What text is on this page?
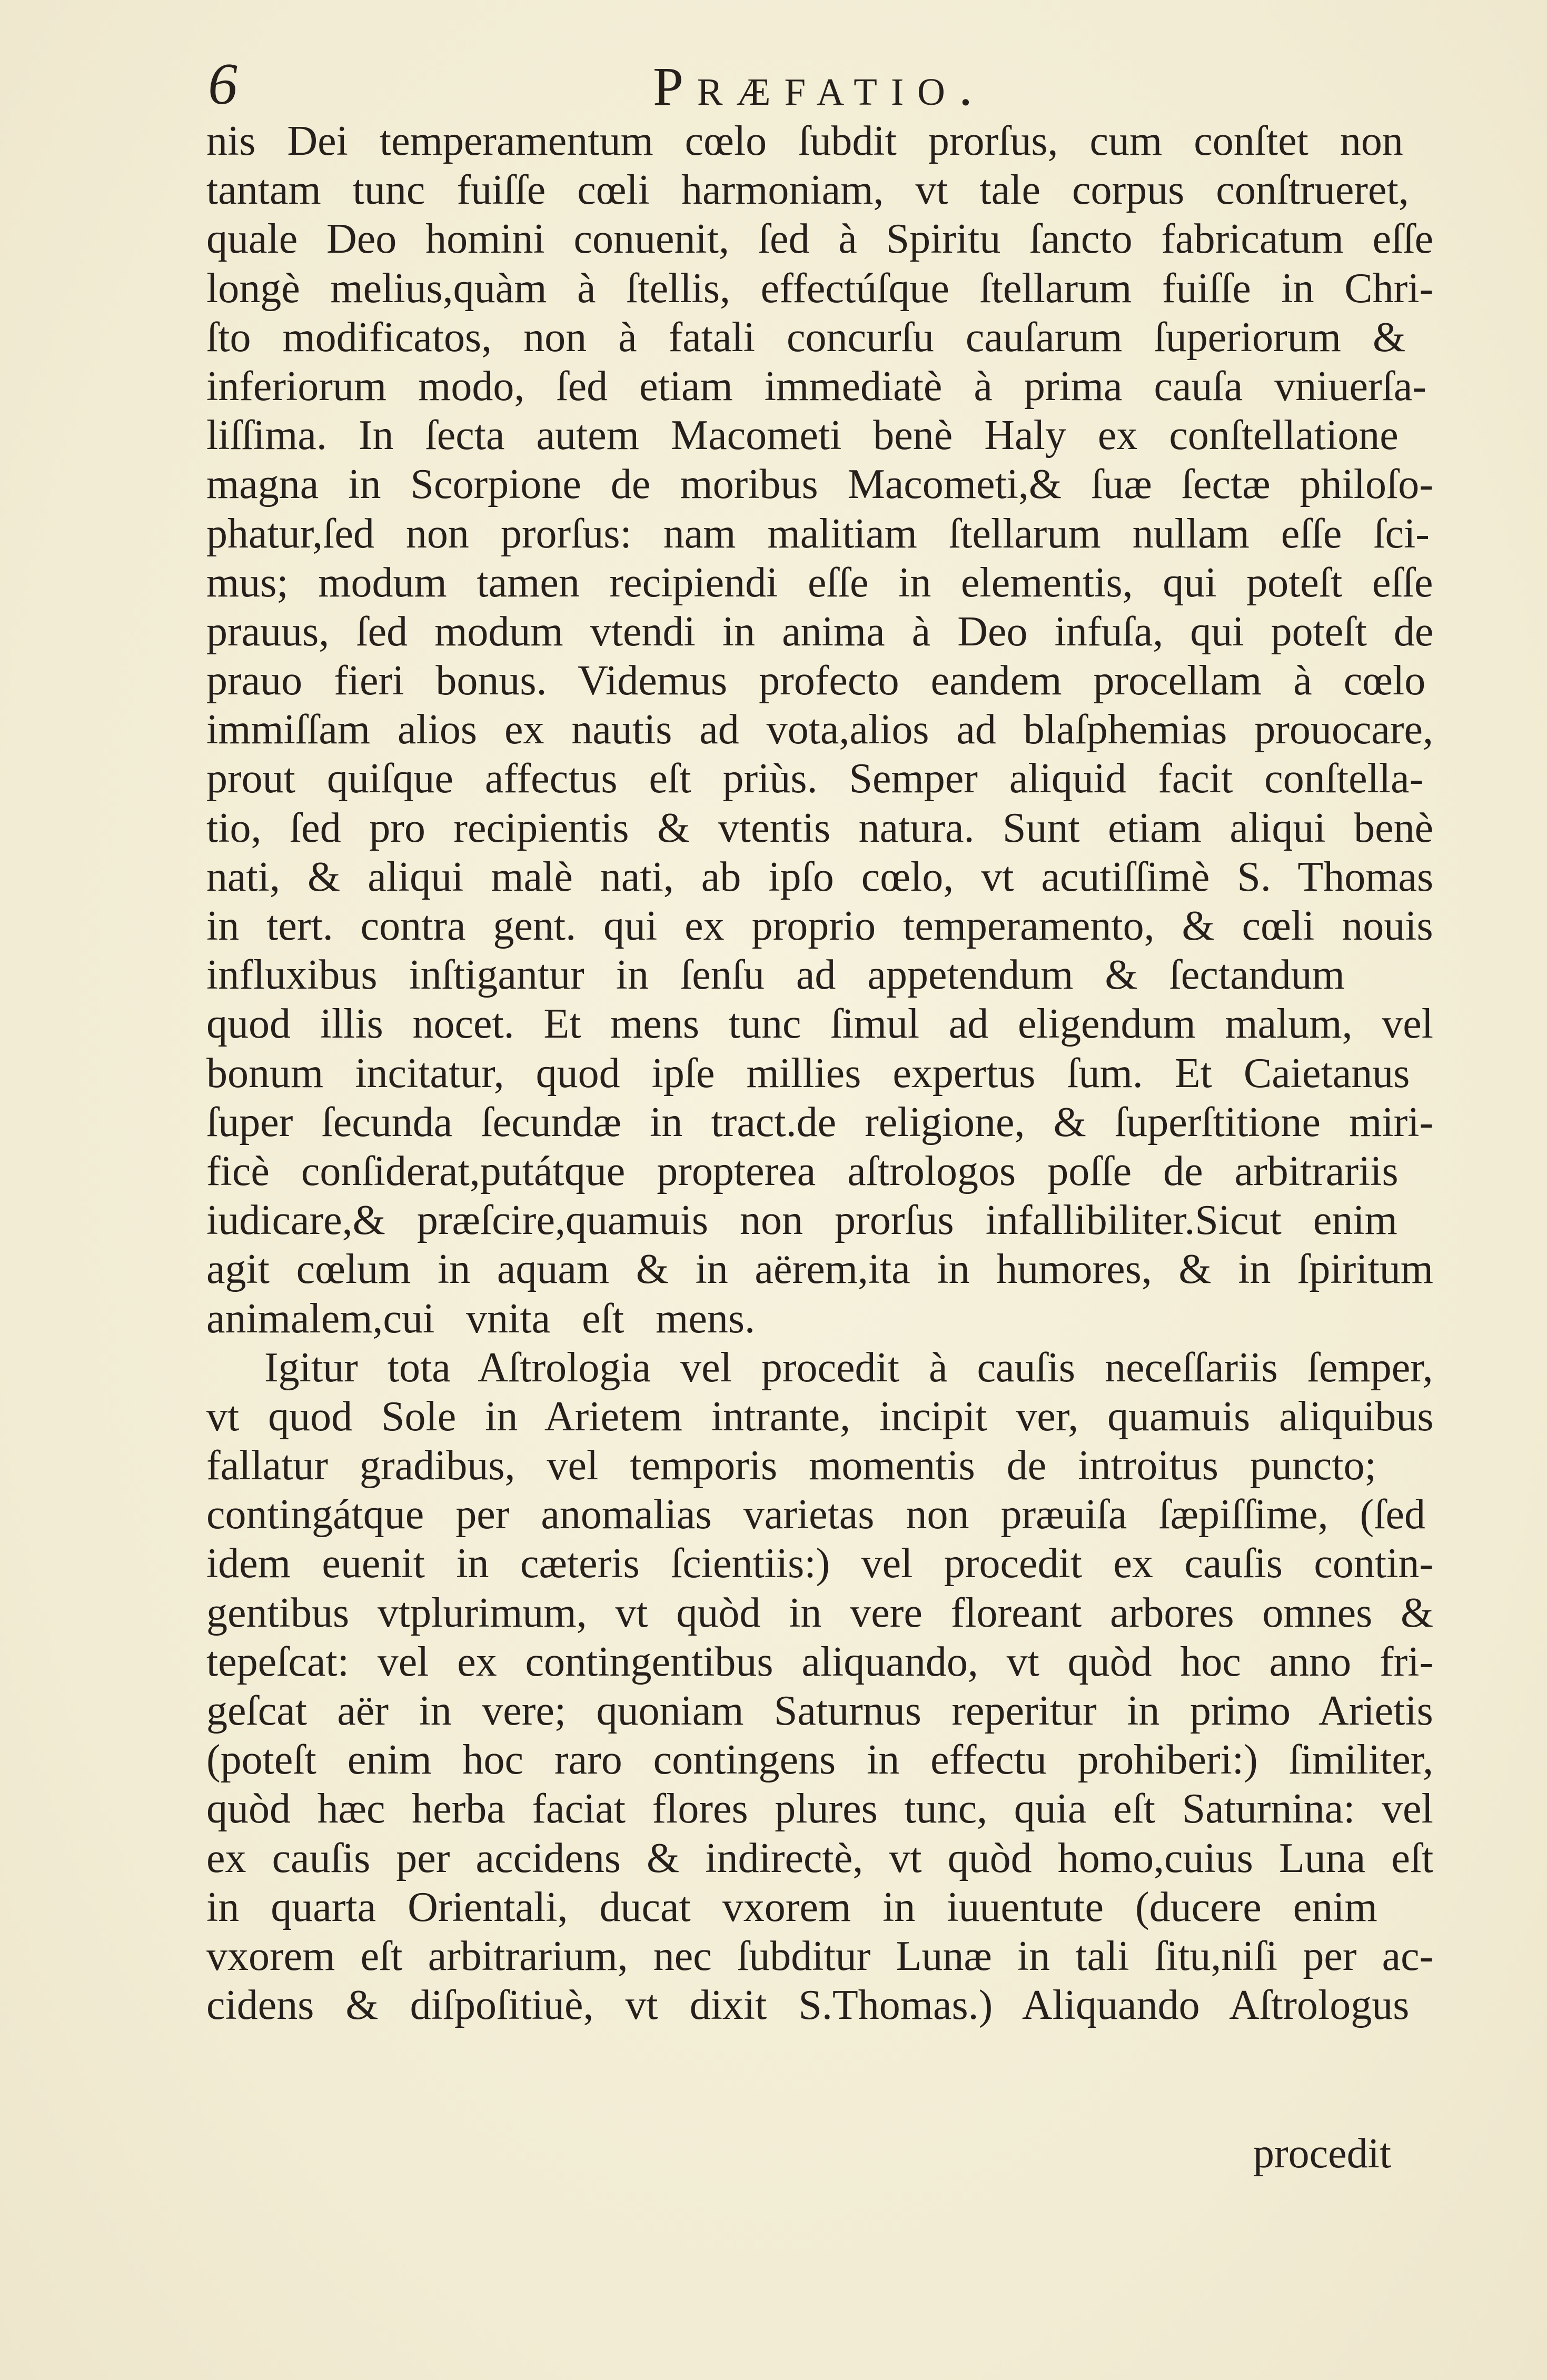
6	Præfatio.
nis Dei temperamentum cœlo ſubdit prorſus, cum conſtet non
tantam tunc fuiſſe cœli harmoniam, vt tale corpus conſtrueret,
quale Deo homini conuenit, ſed à Spiritu ſancto fabricatum eſſe
longè melius,quàm à ſtellis, effectúſque ſtellarum fuiſſe in Chri-
ſto modificatos, non à fatali concurſu cauſarum ſuperiorum &
inferiorum modo, ſed etiam immediatè à prima cauſa vniuerſa-
liſſima. In ſecta autem Macometi benè Haly ex conſtellatione
magna in Scorpione de moribus Macometi,& ſuæ ſectæ philoſo-
phatur,ſed non prorſus: nam malitiam ſtellarum nullam eſſe ſci-
mus; modum tamen recipiendi eſſe in elementis, qui poteſt eſſe
prauus, ſed modum vtendi in anima à Deo infuſa, qui poteſt de
prauo fieri bonus. Videmus profecto eandem procellam à cœlo
immiſſam alios ex nautis ad vota,alios ad blaſphemias prouocare,
prout quiſque affectus eſt priùs. Semper aliquid facit conſtella-
tio, ſed pro recipientis & vtentis natura. Sunt etiam aliqui benè
nati, & aliqui malè nati, ab ipſo cœlo, vt acutiſſimè S. Thomas
in tert. contra gent. qui ex proprio temperamento, & cœli nouis
influxibus inſtigantur in ſenſu ad appetendum & ſectandum
quod illis nocet. Et mens tunc ſimul ad eligendum malum, vel
bonum incitatur, quod ipſe millies expertus ſum. Et Caietanus
ſuper ſecunda ſecundæ in tract.de religione, & ſuperſtitione miri-
ficè conſiderat,putátque propterea aſtrologos poſſe de arbitrariis
iudicare,& præſcire,quamuis non prorſus infallibiliter.Sicut enim
agit cœlum in aquam & in aërem,ita in humores, & in ſpiritum
animalem,cui vnita eſt mens.
Igitur tota Aſtrologia vel procedit à cauſis neceſſariis ſemper,
vt quod Sole in Arietem intrante, incipit ver, quamuis aliquibus
fallatur gradibus, vel temporis momentis de introitus puncto;
contingátque per anomalias varietas non præuiſa ſæpiſſime, (ſed
idem euenit in cæteris ſcientiis:) vel procedit ex cauſis contin-
gentibus vtplurimum, vt quòd in vere floreant arbores omnes &
tepeſcat: vel ex contingentibus aliquando, vt quòd hoc anno fri-
geſcat aër in vere; quoniam Saturnus reperitur in primo Arietis
(poteſt enim hoc raro contingens in effectu prohiberi:) ſimiliter,
quòd hæc herba faciat flores plures tunc, quia eſt Saturnina: vel
ex cauſis per accidens & indirectè, vt quòd homo,cuius Luna eſt
in quarta Orientali, ducat vxorem in iuuentute (ducere enim
vxorem eſt arbitrarium, nec ſubditur Lunæ in tali ſitu,niſi per ac-
cidens & diſpoſitiuè, vt dixit S.Thomas.) Aliquando Aſtrologus
procedit
